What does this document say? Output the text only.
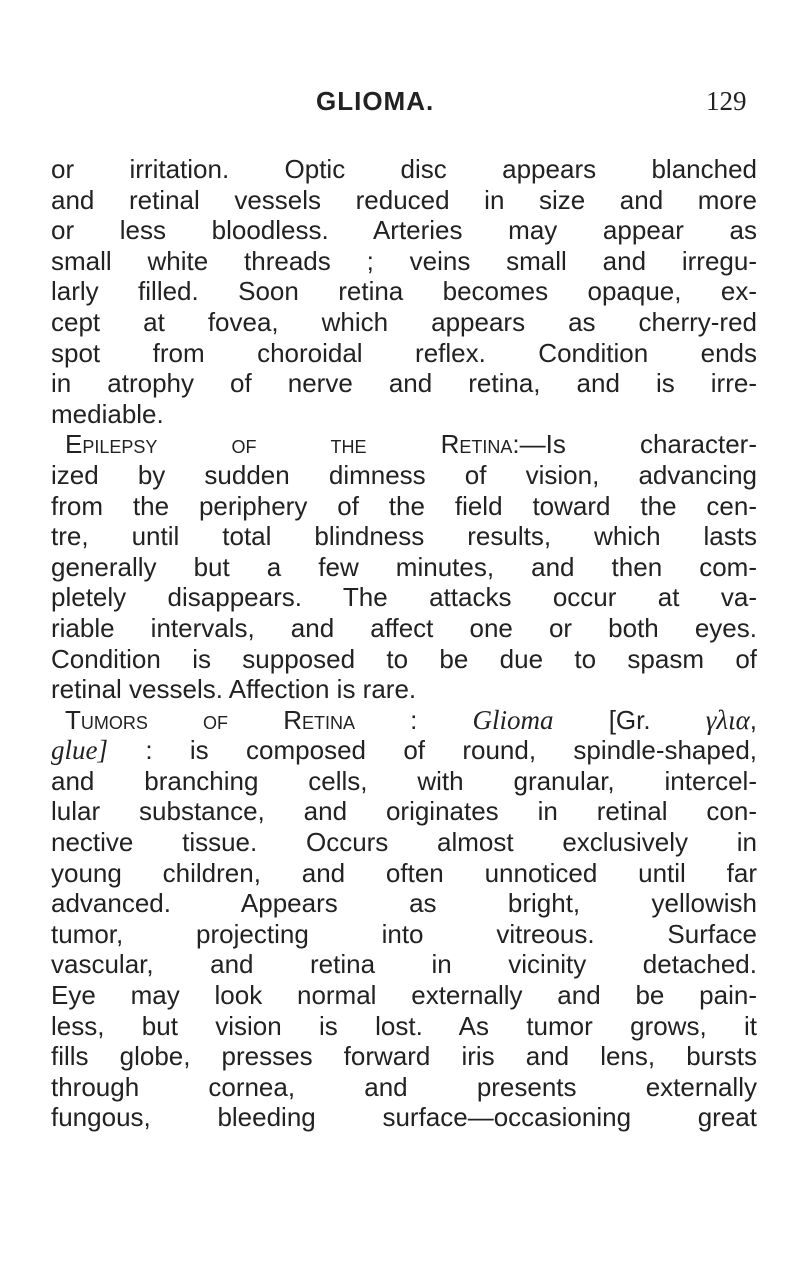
GLIOMA.	129
or irritation. Optic disc appears blanched
and retinal vessels reduced in size and more
or less bloodless. Arteries may appear as
small white threads ; veins small and irregu-
larly filled. Soon retina becomes opaque, ex-
cept at fovea, which appears as cherry-red
spot from choroidal reflex. Condition ends
in atrophy of nerve and retina, and is irre-
mediable.
Epilepsy of the Retina:—Is character-
ized by sudden dimness of vision, advancing
from the periphery of the field toward the cen-
tre, until total blindness results, which lasts
generally but a few minutes, and then com-
pletely disappears. The attacks occur at va-
riable intervals, and affect one or both eyes.
Condition is supposed to be due to spasm of
retinal vessels. Affection is rare.
Tumors of Retina : Glioma [Gr. γλια,
glue] : is composed of round, spindle-shaped,
and branching cells, with granular, intercel-
lular substance, and originates in retinal con-
nective tissue. Occurs almost exclusively in
young children, and often unnoticed until far
advanced. Appears as bright, yellowish
tumor, projecting into vitreous. Surface
vascular, and retina in vicinity detached.
Eye may look normal externally and be pain-
less, but vision is lost. As tumor grows, it
fills globe, presses forward iris and lens, bursts
through cornea, and presents externally
fungous, bleeding surface—occasioning great
